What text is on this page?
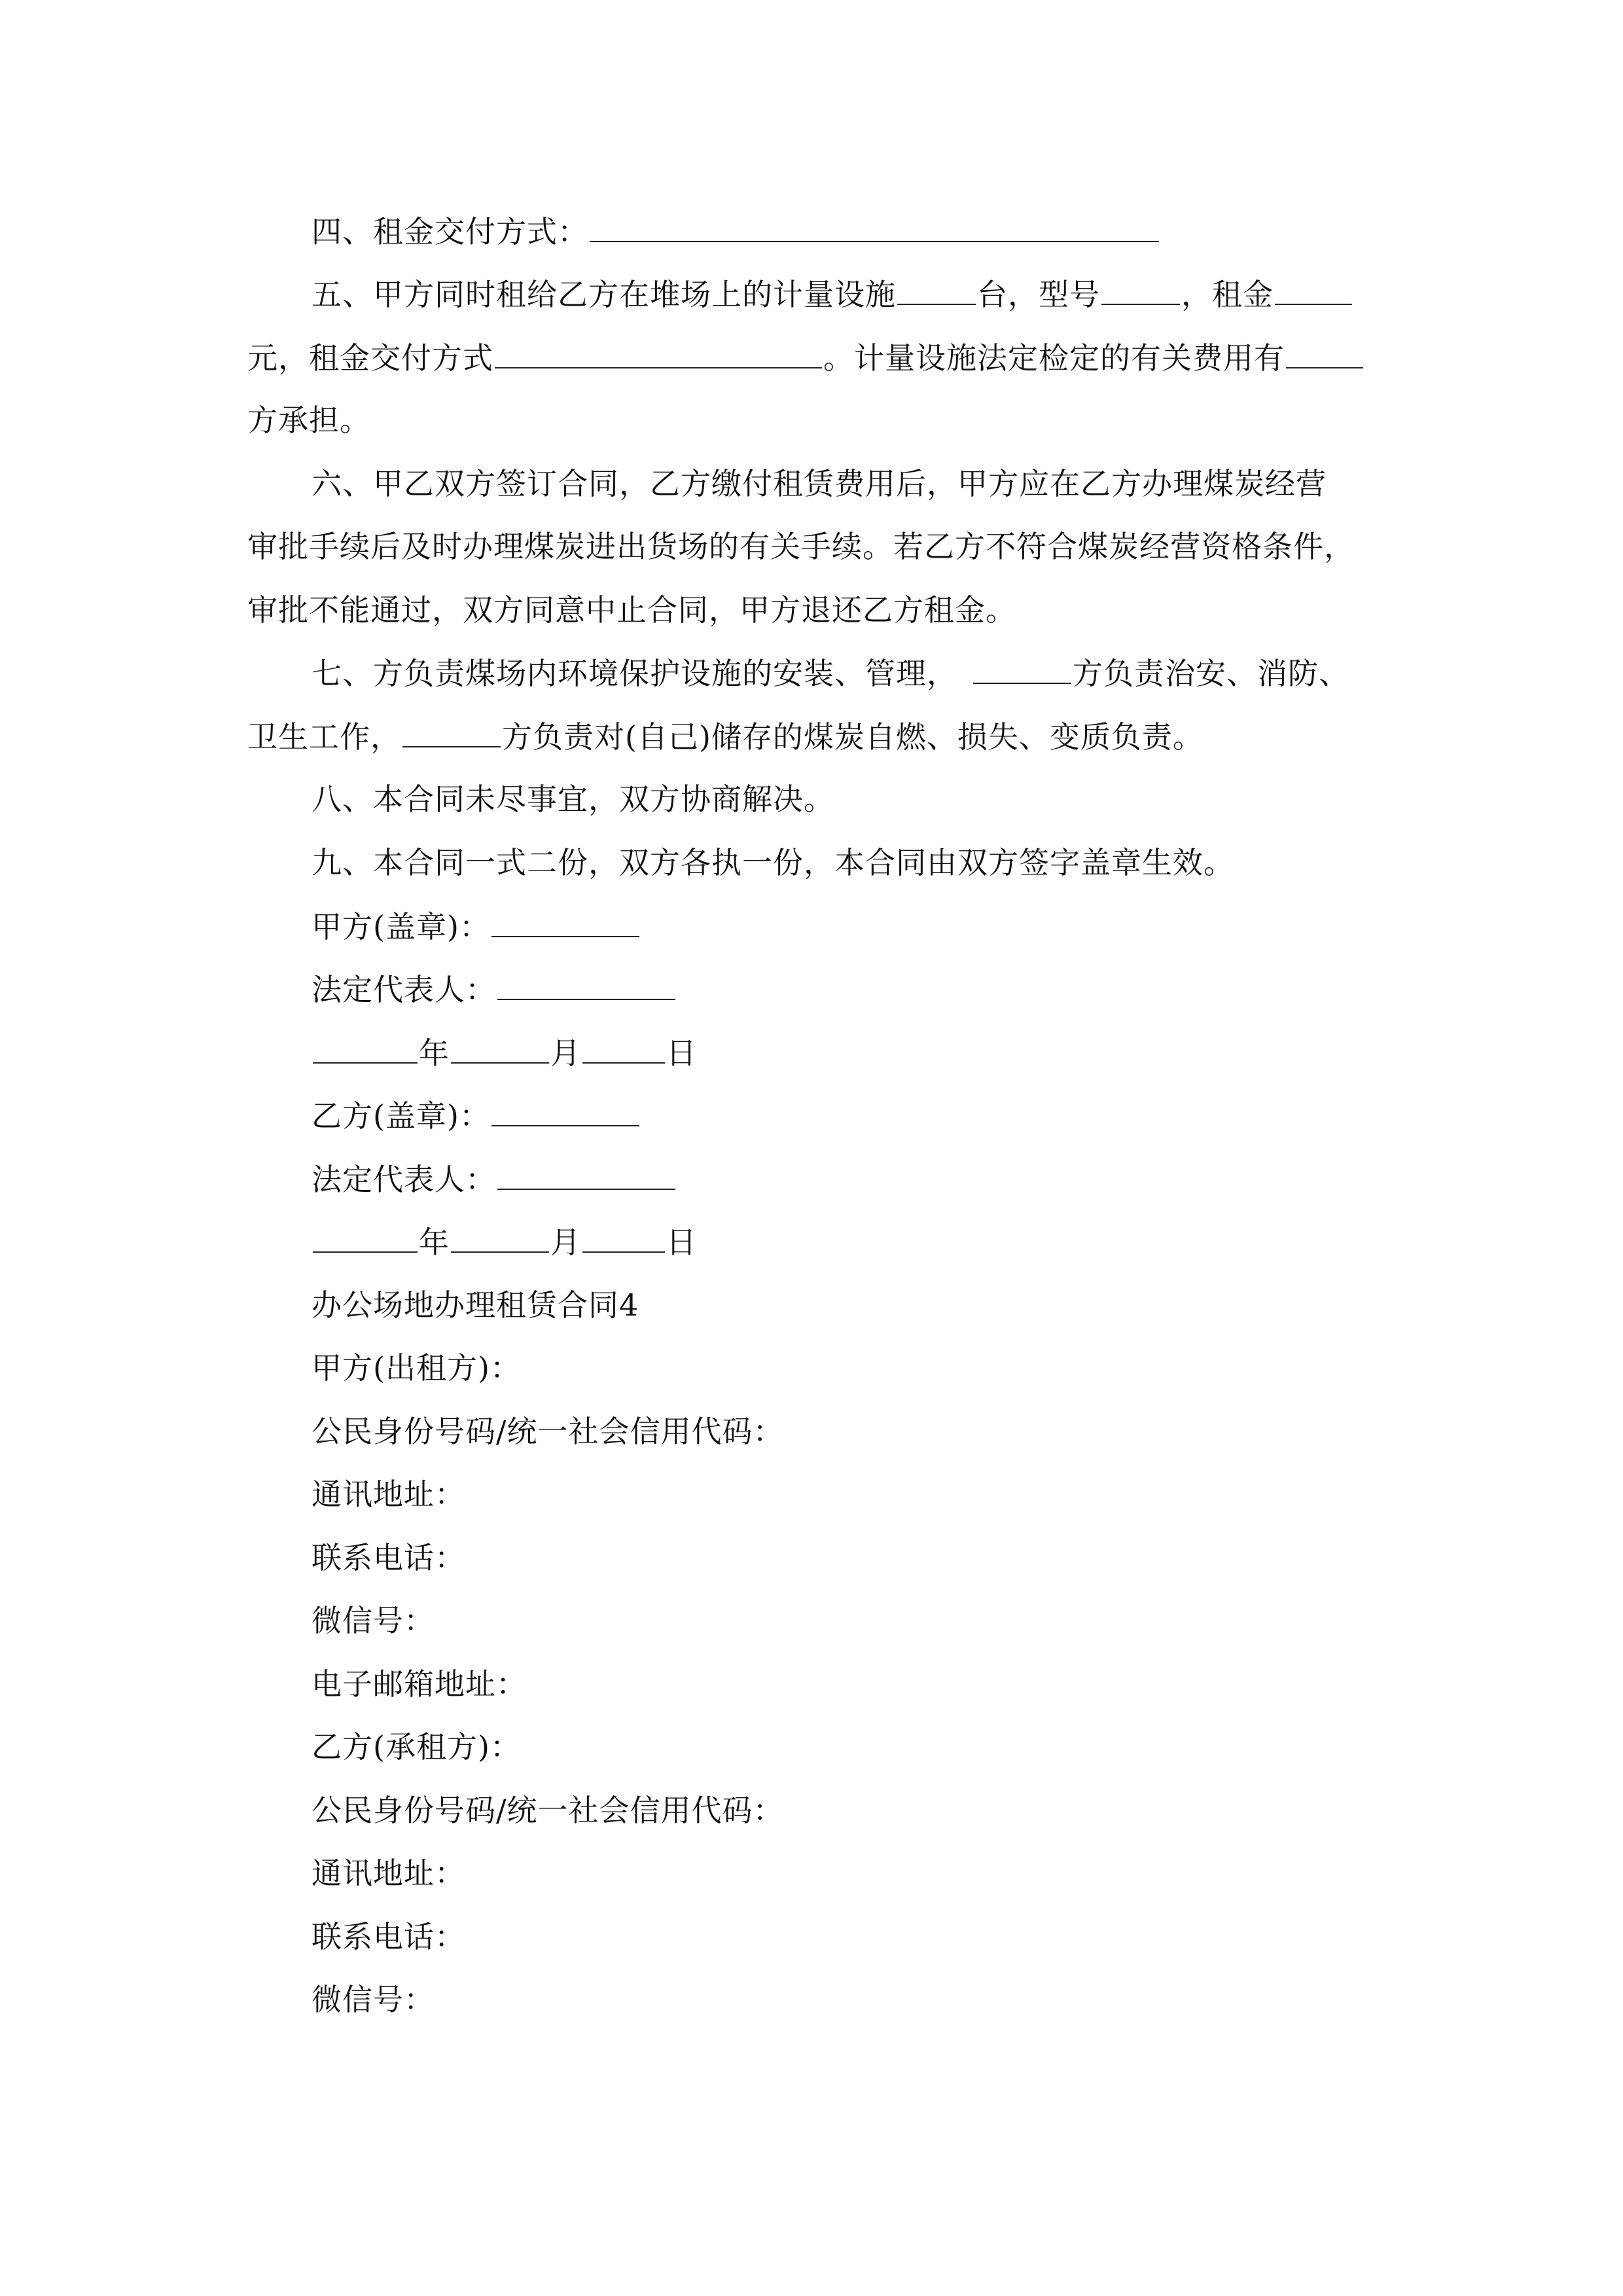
四、租金交付方式：
五、甲方同时租给乙方在堆场上的计量设施	台，型号	，租金
元，租金交付方式	。计量设施法定检定的有关费用有
方承担。
六、甲乙双方签订合同，乙方缴付租赁费用后，甲方应在乙方办理煤炭经营
审批手续后及时办理煤炭进出货场的有关手续。若乙方不符合煤炭经营资格条件，
审批不能通过，双方同意中止合同，甲方退还乙方租金。
七、方负责煤场内环境保护设施的安装、管理，	方负责治安、消防、
卫生工作，	方负责对(自己)储存的煤炭自燃、损失、变质负责。
八、本合同未尽事宜，双方协商解决。
九、本合同一式二份，双方各执一份，本合同由双方签字盖章生效。
甲方(盖章)：
法定代表人：
年	月	日
乙方(盖章)：
法定代表人：
年	月	日
办公场地办理租赁合同4
甲方(出租方)：
公民身份号码/统一社会信用代码：
通讯地址：
联系电话：
微信号：
电子邮箱地址：
乙方(承租方)：
公民身份号码/统一社会信用代码：
通讯地址：
联系电话：
微信号：
